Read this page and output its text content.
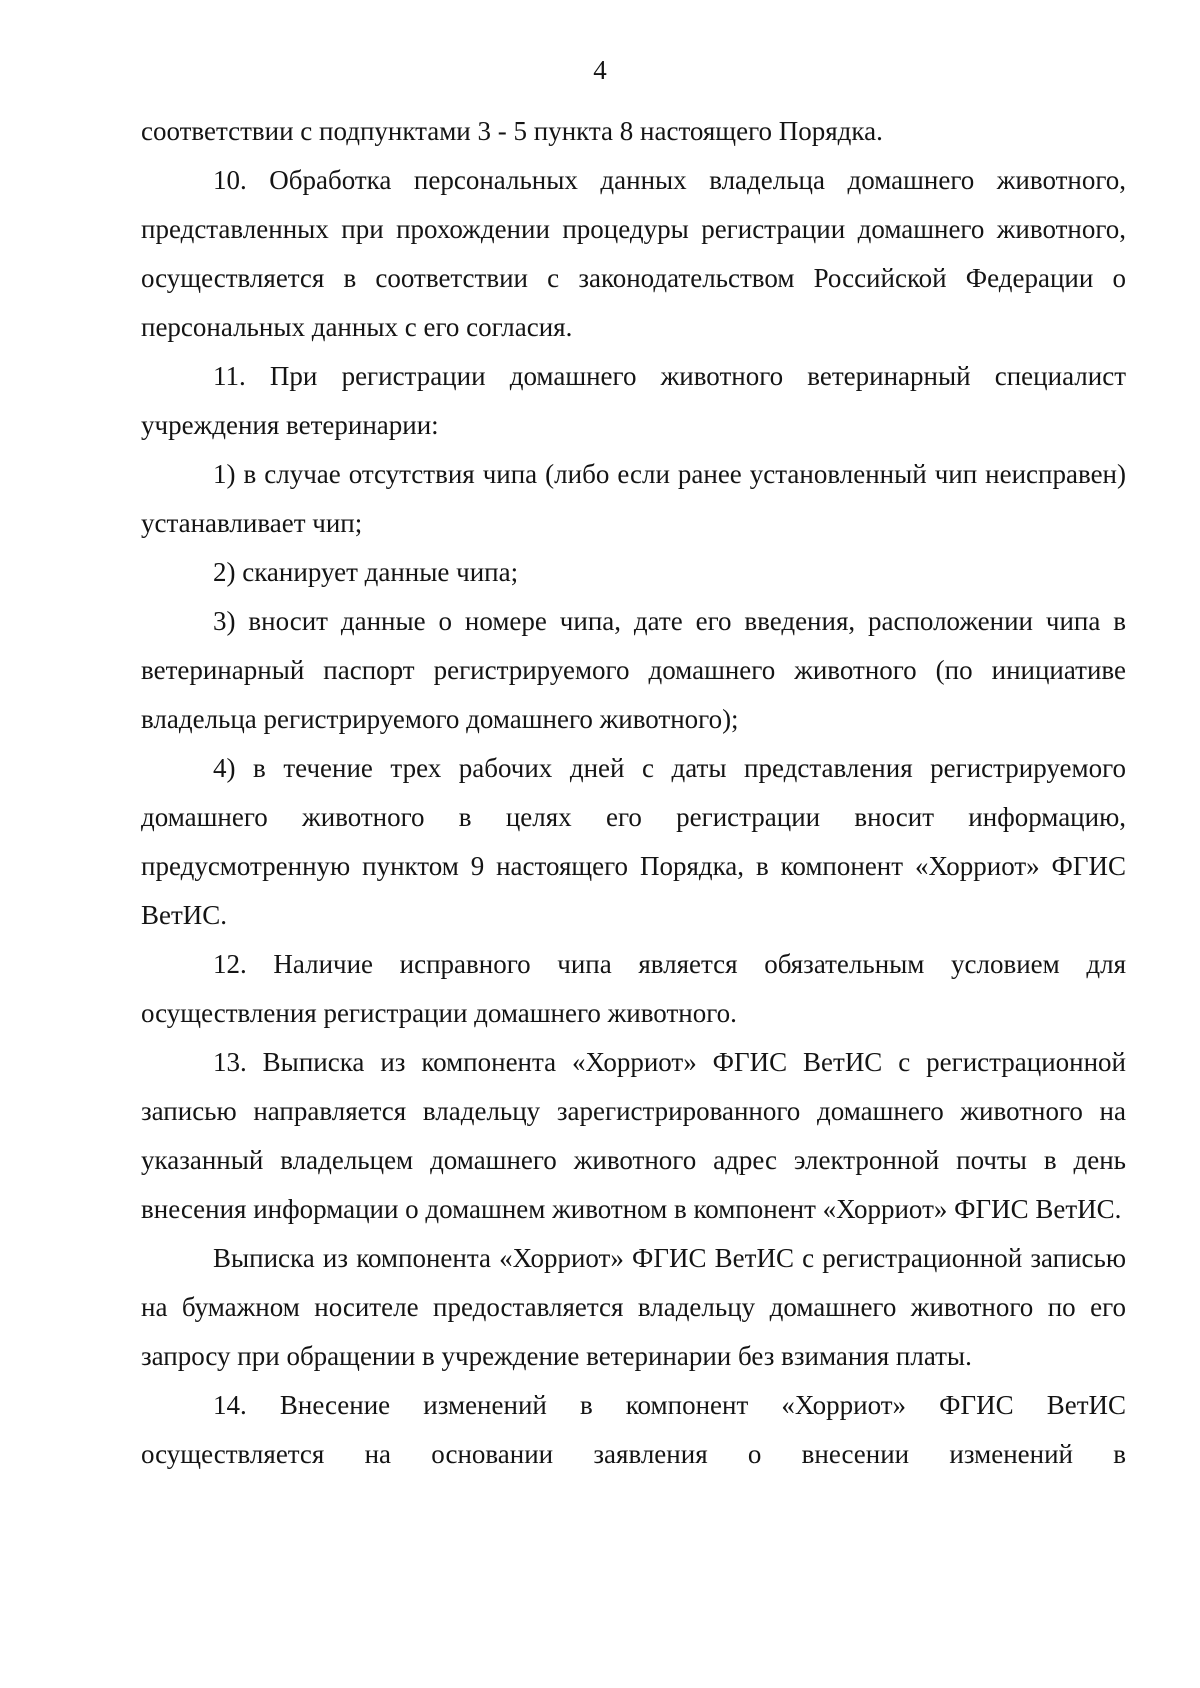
4

соответствии с подпунктами 3 - 5 пункта 8 настоящего Порядка.

10. Обработка персональных данных владельца домашнего животного, представленных при прохождении процедуры регистрации домашнего животного, осуществляется в соответствии с законодательством Российской Федерации о персональных данных с его согласия.

11. При регистрации домашнего животного ветеринарный специалист учреждения ветеринарии:

1) в случае отсутствия чипа (либо если ранее установленный чип неисправен) устанавливает чип;

2) сканирует данные чипа;

3) вносит данные о номере чипа, дате его введения, расположении чипа в ветеринарный паспорт регистрируемого домашнего животного (по инициативе владельца регистрируемого домашнего животного);

4) в течение трех рабочих дней с даты представления регистрируемого домашнего животного в целях его регистрации вносит информацию, предусмотренную пунктом 9 настоящего Порядка, в компонент «Хорриот» ФГИС ВетИС.

12. Наличие исправного чипа является обязательным условием для осуществления регистрации домашнего животного.

13. Выписка из компонента «Хорриот» ФГИС ВетИС с регистрационной записью направляется владельцу зарегистрированного домашнего животного на указанный владельцем домашнего животного адрес электронной почты в день внесения информации о домашнем животном в компонент «Хорриот» ФГИС ВетИС.

Выписка из компонента «Хорриот» ФГИС ВетИС с регистрационной записью на бумажном носителе предоставляется владельцу домашнего животного по его запросу при обращении в учреждение ветеринарии без взимания платы.

14. Внесение изменений в компонент «Хорриот» ФГИС ВетИС осуществляется на основании заявления о внесении изменений в
